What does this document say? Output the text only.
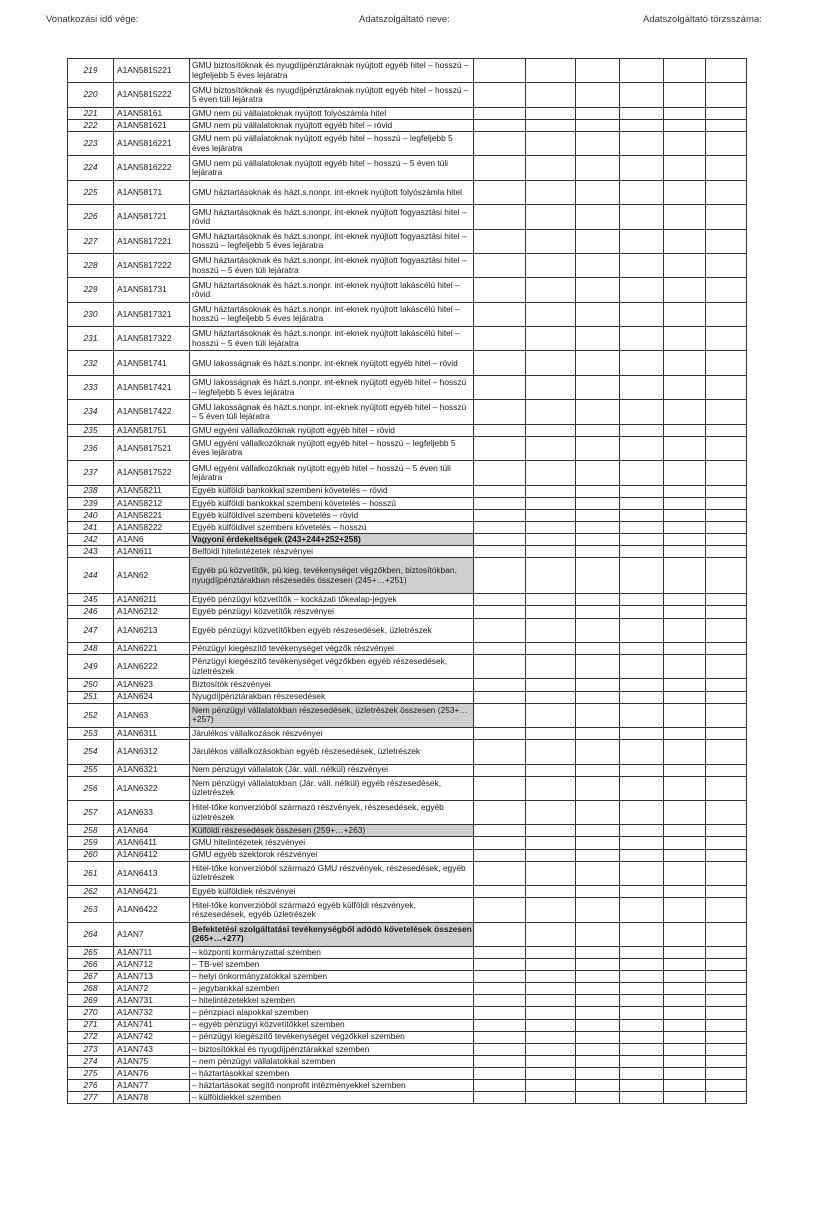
Vonatkozási idő vége:	Adatszolgáltató neve:	Adatszolgáltató törzsszáma:
219	A1AN5815221	GMU biztosítóknak és nyugdíjpénztáraknak nyújtott egyéb hitel – hosszú – legfeljebb 5 éves lejáratra						
220	A1AN5815222	GMU biztosítóknak és nyugdíjpénztáraknak nyújtott egyéb hitel – hosszú – 5 éven túli lejáratra						
221	A1AN58161	GMU nem pü vállalatoknak nyújtott folyószámla hitel						
222	A1AN581621	GMU nem pü vállalatoknak nyújtott egyéb hitel – rövid						
223	A1AN5816221	GMU nem pü vállalatoknak nyújtott egyéb hitel – hosszú – legfeljebb 5 éves lejáratra						
224	A1AN5816222	GMU nem pü vállalatoknak nyújtott egyéb hitel – hosszú – 5 éven túli lejáratra						
225	A1AN58171	GMU háztartásoknak és házt.s.nonpr. int-eknek nyújtott folyószámla hitel						
226	A1AN581721	GMU háztartásoknak és házt.s.nonpr. int-eknek nyújtott fogyasztási hitel – rövid						
227	A1AN5817221	GMU háztartásoknak és házt.s.nonpr. int-eknek nyújtott fogyasztási hitel – hosszú – legfeljebb 5 éves lejáratra						
228	A1AN5817222	GMU háztartásoknak és házt.s.nonpr. int-eknek nyújtott fogyasztási hitel – hosszú – 5 éven túli lejáratra						
229	A1AN581731	GMU háztartásoknak és házt.s.nonpr. int-eknek nyújtott lakáscélú hitel – rövid						
230	A1AN5817321	GMU háztartásoknak és házt.s.nonpr. int-eknek nyújtott lakáscélú hitel – hosszú – legfeljebb 5 éves lejáratra						
231	A1AN5817322	GMU háztartásoknak és házt.s.nonpr. int-eknek nyújtott lakáscélú hitel – hosszú – 5 éven túli lejáratra						
232	A1AN581741	GMU lakosságnak és házt.s.nonpr. int-eknek nyújtott egyéb hitel – rövid						
233	A1AN5817421	GMU lakosságnak és házt.s.nonpr. int-eknek nyújtott egyéb hitel – hosszú – legfeljebb 5 éves lejáratra						
234	A1AN5817422	GMU lakosságnak és házt.s.nonpr. int-eknek nyújtott egyéb hitel – hosszú – 5 éven túli lejáratra						
235	A1AN581751	GMU egyéni vállalkozóknak nyújtott egyéb hitel – rövid						
236	A1AN5817521	GMU egyéni vállalkozóknak nyújtott egyéb hitel – hosszú – legfeljebb 5 éves lejáratra						
237	A1AN5817522	GMU egyéni vállalkozóknak nyújtott egyéb hitel – hosszú – 5 éven túli lejáratra						
238	A1AN58211	Egyéb külföldi bankokkal szembeni követelés – rövid						
239	A1AN58212	Egyéb külföldi bankokkal szembeni követelés – hosszú						
240	A1AN58221	Egyéb külföldivel szembeni követelés – rövid						
241	A1AN58222	Egyéb külföldivel szembeni követelés – hosszú						
242	A1AN6	Vagyoni érdekeltségek (243+244+252+258)						
243	A1AN611	Belföldi hitelintézetek részvényei						
244	A1AN62	Egyéb pü közvetítők, pü kieg. tevékenységet végzőkben, biztosítókban, nyugdíjpénztárakban részesedés összesen (245+…+251)						
245	A1AN6211	Egyéb pénzügyi közvetítők – kockázati tőkealap-jegyek						
246	A1AN6212	Egyéb pénzügyi közvetítők részvényei						
247	A1AN6213	Egyéb pénzügyi közvetítőkben egyéb részesedések, üzletrészek						
248	A1AN6221	Pénzügyi kiegészítő tevékenységet végzők részvényei						
249	A1AN6222	Pénzügyi kiegészítő tevékenységet végzőkben egyéb részesedések, üzletrészek						
250	A1AN623	Biztosítók részvényei						
251	A1AN624	Nyugdíjpénztárakban részesedések						
252	A1AN63	Nem pénzügyi vállalatokban részesedések, üzletrészek összesen (253+…+257)						
253	A1AN6311	Járulékos vállalkozások részvényei						
254	A1AN6312	Járulékos vállalkozásokban egyéb részesedések, üzletrészek						
255	A1AN6321	Nem pénzügyi vállalatok (Jár. váll. nélkül) részvényei						
256	A1AN6322	Nem pénzügyi vállalatokban (Jár. váll. nélkül) egyéb részesedések, üzletrészek						
257	A1AN633	Hitel-tőke konverzióból származó részvények, részesedések, egyéb üzletrészek						
258	A1AN64	Külföldi részesedések összesen (259+…+263)						
259	A1AN6411	GMU hitelintézetek részvényei						
260	A1AN6412	GMU egyéb szektorok részvényei						
261	A1AN6413	Hitel-tőke konverzióból származó GMU részvények, részesedések, egyéb üzletrészek						
262	A1AN6421	Egyéb külföldiek részvényei						
263	A1AN6422	Hitel-tőke konverzióból származó egyéb külföldi részvények, részesedések, egyéb üzletrészek						
264	A1AN7	Befektetési szolgáltatási tevékenységből adódó követelések összesen (265+…+277)						
265	A1AN711	– központi kormányzattal szemben						
266	A1AN712	– TB-vel szemben						
267	A1AN713	– helyi önkormányzatokkal szemben						
268	A1AN72	– jegybankkal szemben						
269	A1AN731	– hitelintézetekkel szemben						
270	A1AN732	– pénzpiaci alapokkal szemben						
271	A1AN741	– egyéb pénzügyi közvetítőkkel szemben						
272	A1AN742	– pénzügyi kiegészítő tevékenységet végzőkkel szemben						
273	A1AN743	– biztosítókkal és nyugdíjpénztárakkal szemben						
274	A1AN75	– nem pénzügyi vállalatokkal szemben						
275	A1AN76	– háztartásokkal szemben						
276	A1AN77	– háztartásokat segítő nonprofit intézményekkel szemben						
277	A1AN78	– külföldiekkel szemben						
